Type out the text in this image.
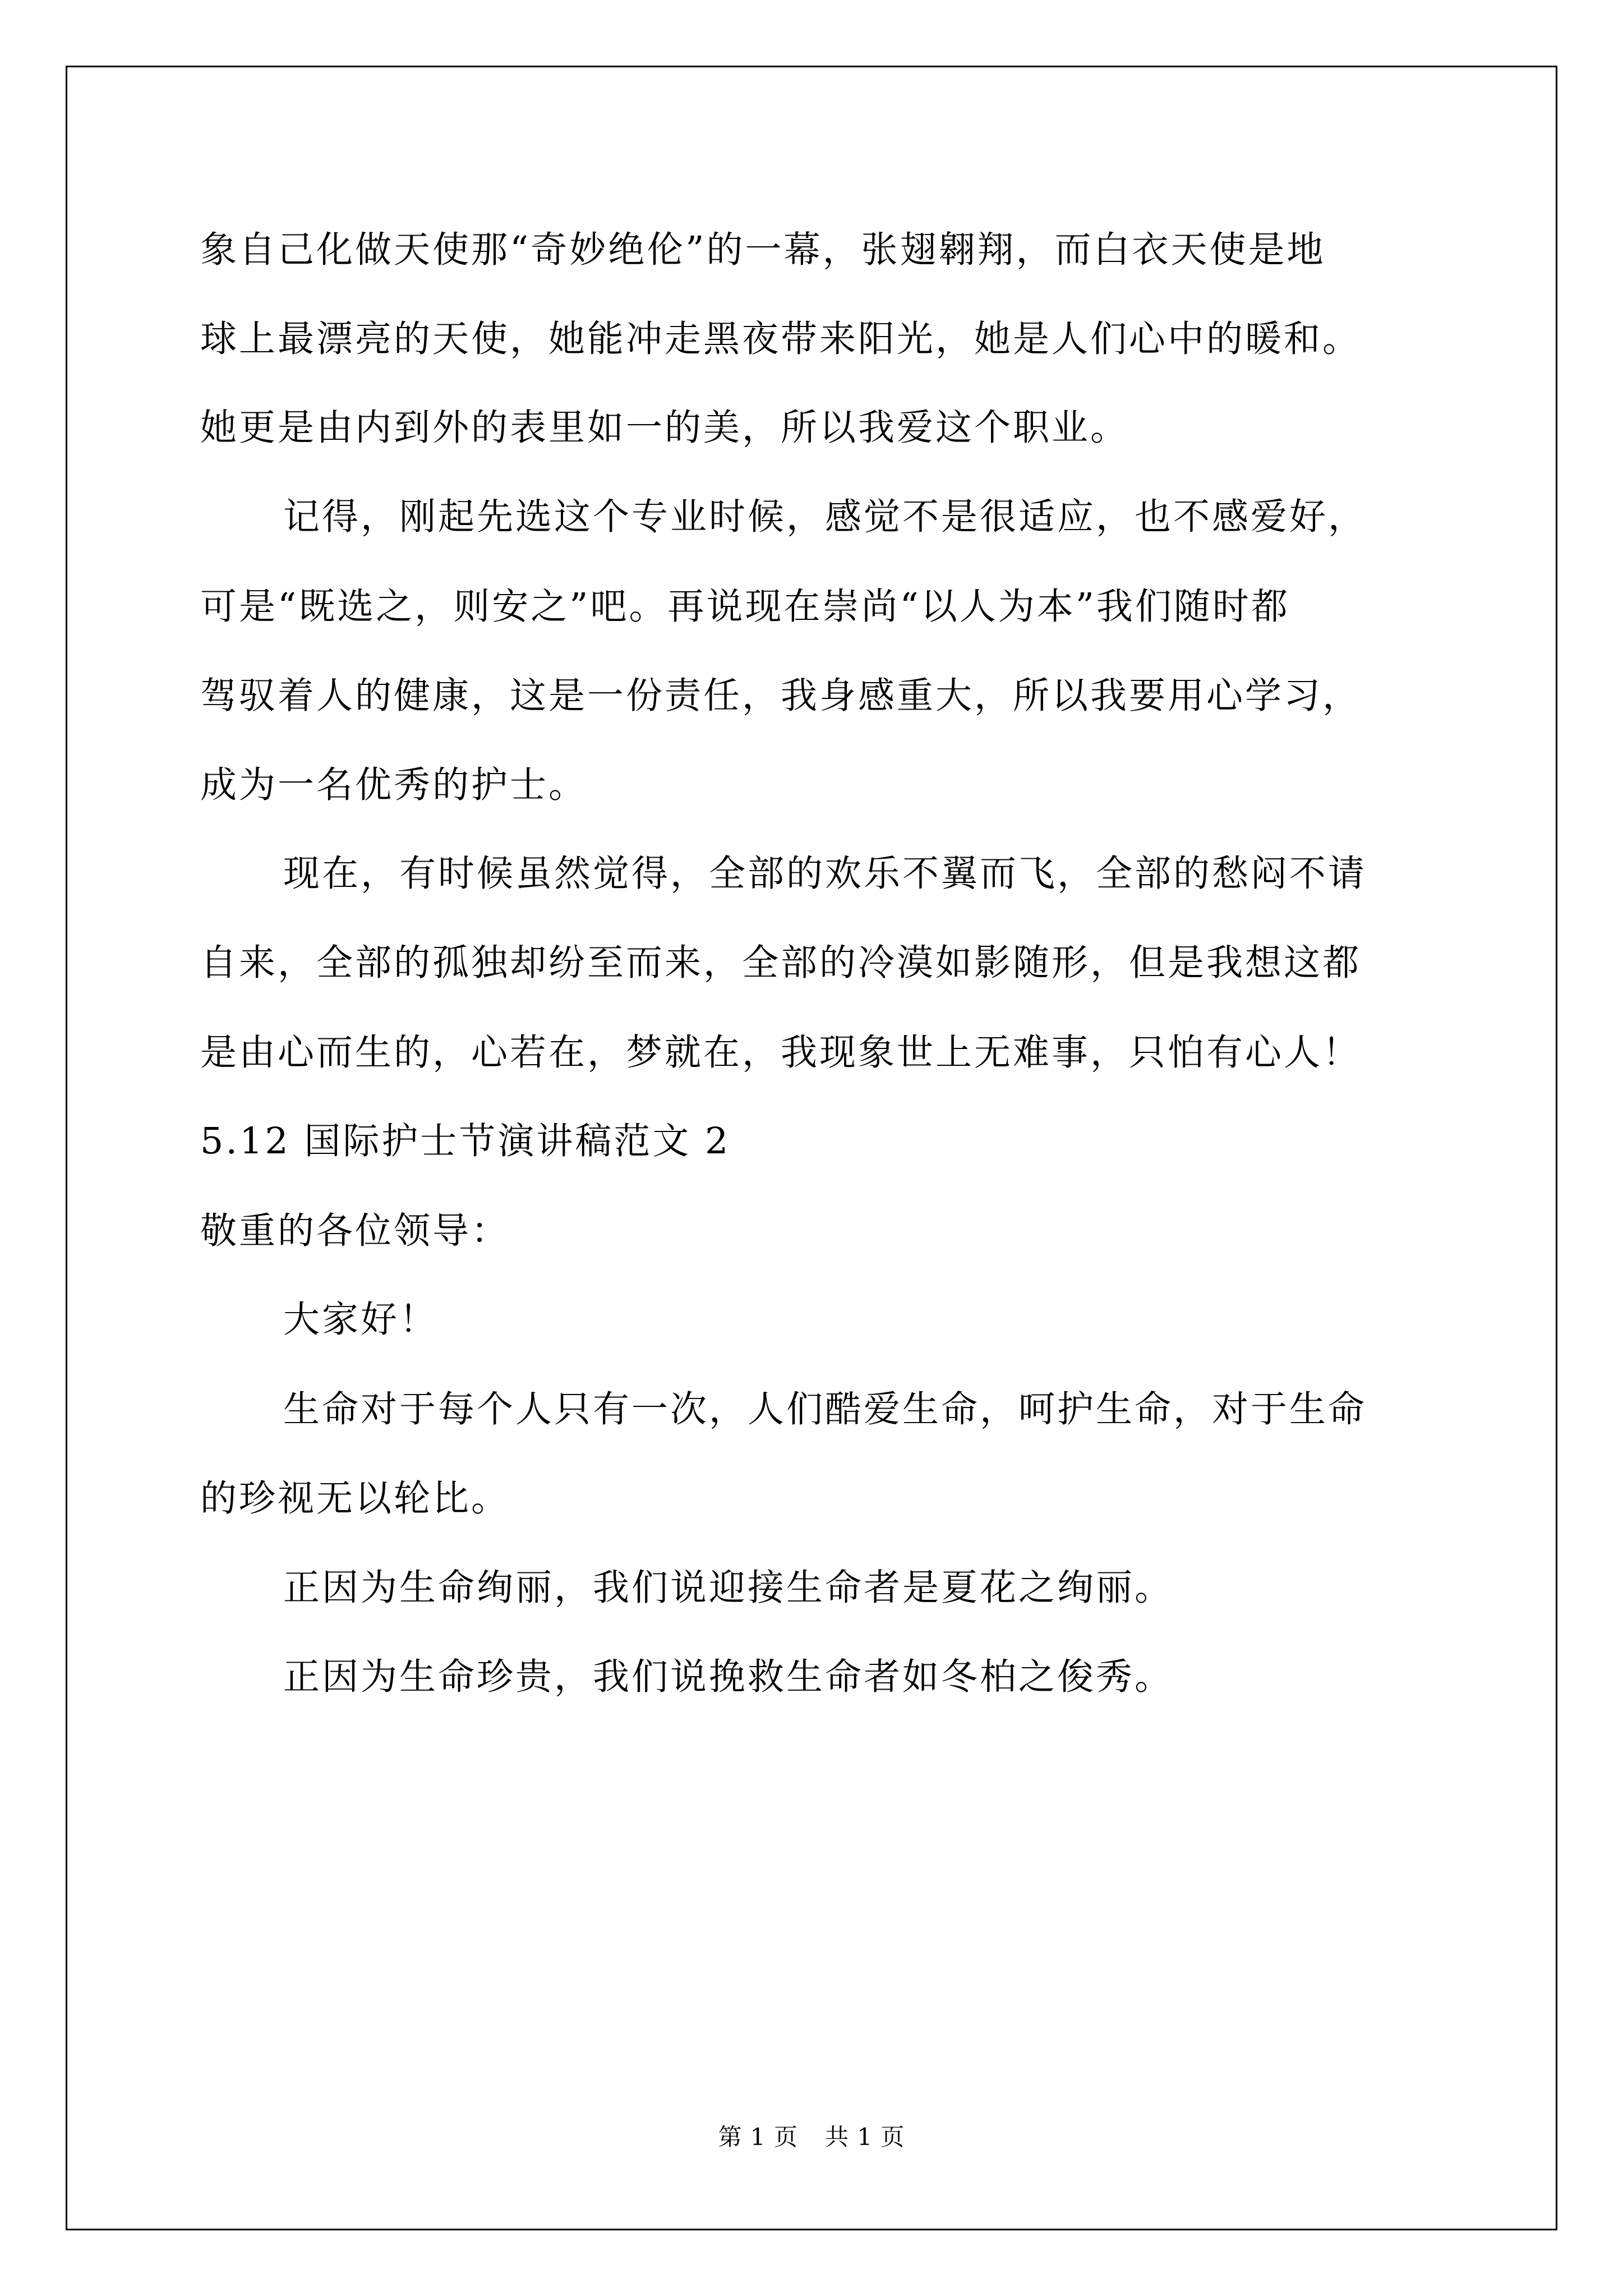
象自己化做天使那“奇妙绝伦”的一幕，张翅翱翔，而白衣天使是地
球上最漂亮的天使，她能冲走黑夜带来阳光，她是人们心中的暖和。
她更是由内到外的表里如一的美，所以我爱这个职业。
记得，刚起先选这个专业时候，感觉不是很适应，也不感爱好，
可是“既选之，则安之”吧。再说现在崇尚“以人为本”我们随时都
驾驭着人的健康，这是一份责任，我身感重大，所以我要用心学习，
成为一名优秀的护士。
现在，有时候虽然觉得，全部的欢乐不翼而飞，全部的愁闷不请
自来，全部的孤独却纷至而来，全部的冷漠如影随形，但是我想这都
是由心而生的，心若在，梦就在，我现象世上无难事，只怕有心人！
5.12 国际护士节演讲稿范文 2
敬重的各位领导：
大家好！
生命对于每个人只有一次，人们酷爱生命，呵护生命，对于生命
的珍视无以轮比。
正因为生命绚丽，我们说迎接生命者是夏花之绚丽。
正因为生命珍贵，我们说挽救生命者如冬柏之俊秀。
第 1 页 共 1 页
